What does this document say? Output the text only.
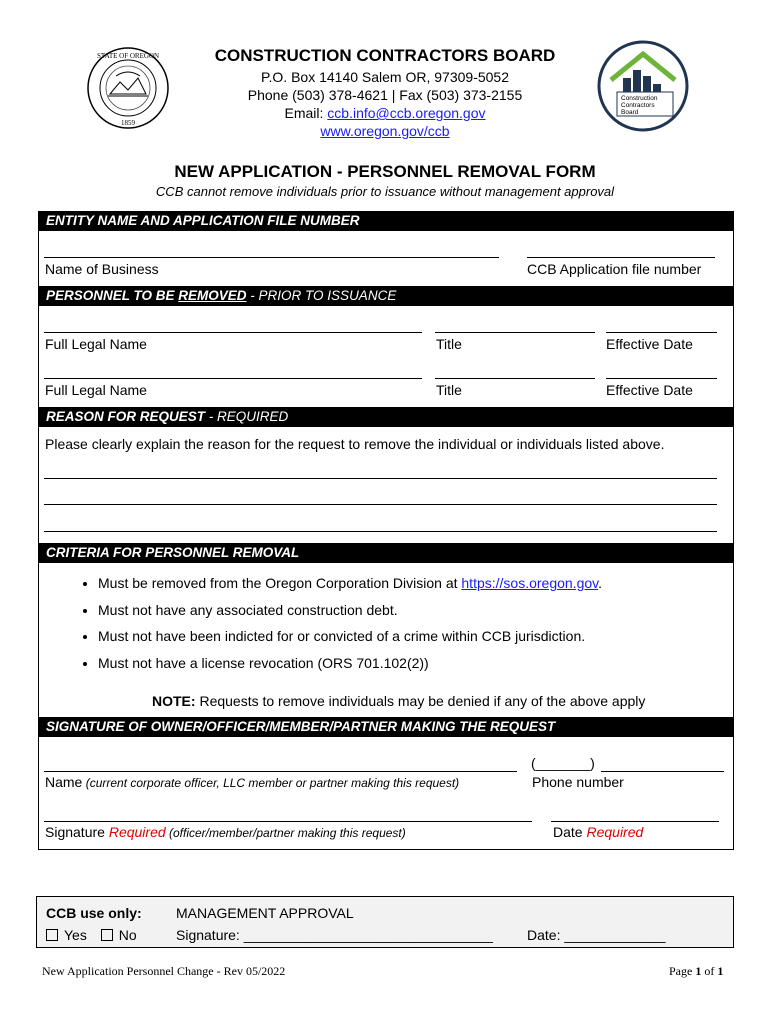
STATE OF OREGON
1859
CONSTRUCTION CONTRACTORS BOARD
P.O. Box 14140 Salem OR, 97309-5052
Phone (503) 378-4621 | Fax (503) 373-2155
Email: ccb.info@ccb.oregon.gov
www.oregon.gov/ccb
Construction
Contractors
Board
NEW APPLICATION - PERSONNEL REMOVAL FORM
CCB cannot remove individuals prior to issuance without management approval
ENTITY NAME AND APPLICATION FILE NUMBER
Name of Business	CCB Application file number
PERSONNEL TO BE REMOVED - PRIOR TO ISSUANCE
Full Legal Name	Title	Effective Date
Full Legal Name	Title	Effective Date
REASON FOR REQUEST - REQUIRED
Please clearly explain the reason for the request to remove the individual or individuals listed above.
CRITERIA FOR PERSONNEL REMOVAL
• Must be removed from the Oregon Corporation Division at https://sos.oregon.gov.
• Must not have any associated construction debt.
• Must not have been indicted for or convicted of a crime within CCB jurisdiction.
• Must not have a license revocation (ORS 701.102(2))
NOTE: Requests to remove individuals may be denied if any of the above apply
SIGNATURE OF OWNER/OFFICER/MEMBER/PARTNER MAKING THE REQUEST
(_______)
Name (current corporate officer, LLC member or partner making this request)	Phone number
Signature Required (officer/member/partner making this request)	Date Required
CCB use only:
Yes No
MANAGEMENT APPROVAL
Signature: ________________________________ Date: _____________
New Application Personnel Change - Rev 05/2022	Page 1 of 1
